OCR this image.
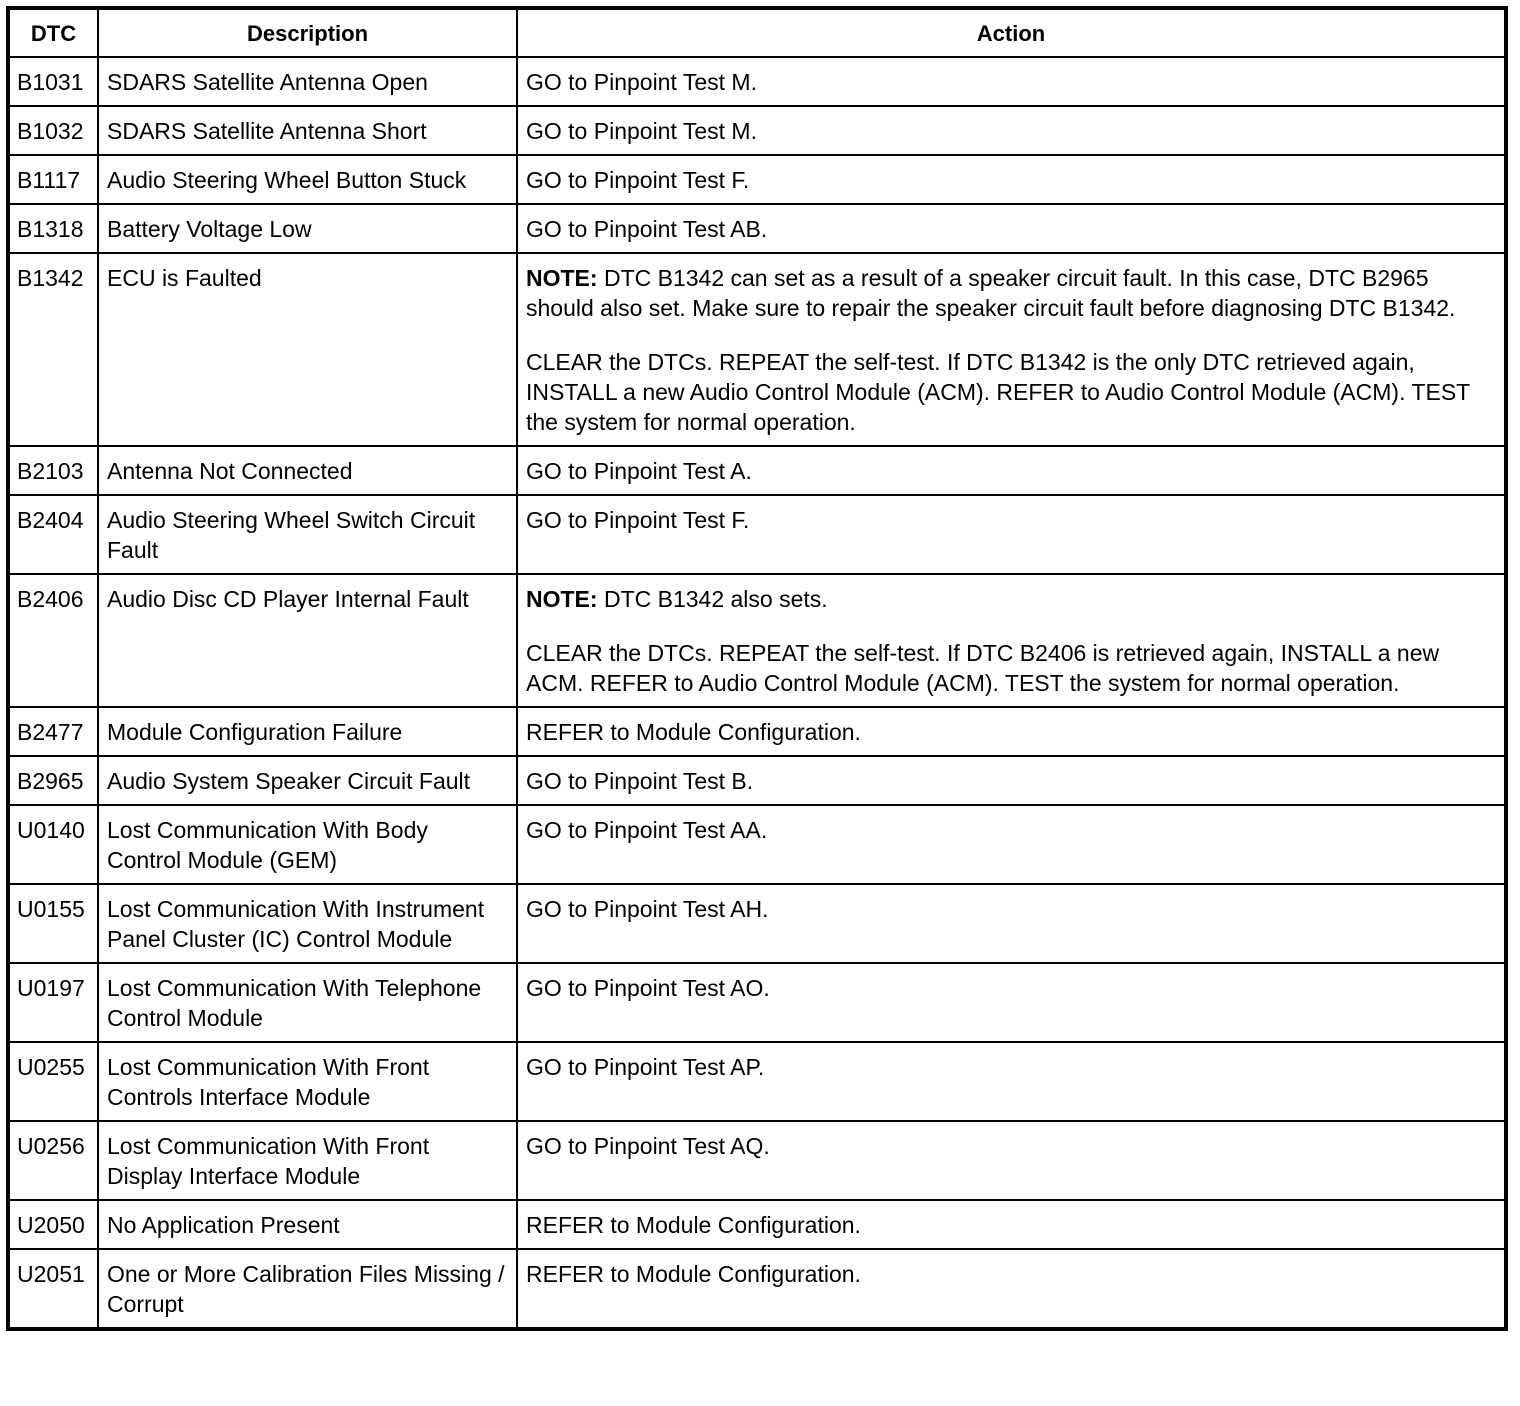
DTC	Description	Action
B1031	SDARS Satellite Antenna Open	GO to Pinpoint Test M.
B1032	SDARS Satellite Antenna Short	GO to Pinpoint Test M.
B1117	Audio Steering Wheel Button Stuck	GO to Pinpoint Test F.
B1318	Battery Voltage Low	GO to Pinpoint Test AB.
B1342	ECU is Faulted	NOTE: DTC B1342 can set as a result of a speaker circuit fault. In this case, DTC B2965 should also set. Make sure to repair the speaker circuit fault before diagnosing DTC B1342.
CLEAR the DTCs. REPEAT the self-test. If DTC B1342 is the only DTC retrieved again, INSTALL a new Audio Control Module (ACM). REFER to Audio Control Module (ACM). TEST the system for normal operation.

B2103	Antenna Not Connected	GO to Pinpoint Test A.
B2404	Audio Steering Wheel Switch Circuit Fault	GO to Pinpoint Test F.
B2406	Audio Disc CD Player Internal Fault	NOTE: DTC B1342 also sets.
CLEAR the DTCs. REPEAT the self-test. If DTC B2406 is retrieved again, INSTALL a new ACM. REFER to Audio Control Module (ACM). TEST the system for normal operation.

B2477	Module Configuration Failure	REFER to Module Configuration.
B2965	Audio System Speaker Circuit Fault	GO to Pinpoint Test B.
U0140	Lost Communication With Body Control Module (GEM)	GO to Pinpoint Test AA.
U0155	Lost Communication With Instrument Panel Cluster (IC) Control Module	GO to Pinpoint Test AH.
U0197	Lost Communication With Telephone Control Module	GO to Pinpoint Test AO.
U0255	Lost Communication With Front Controls Interface Module	GO to Pinpoint Test AP.
U0256	Lost Communication With Front Display Interface Module	GO to Pinpoint Test AQ.
U2050	No Application Present	REFER to Module Configuration.
U2051	One or More Calibration Files Missing / Corrupt	REFER to Module Configuration.
